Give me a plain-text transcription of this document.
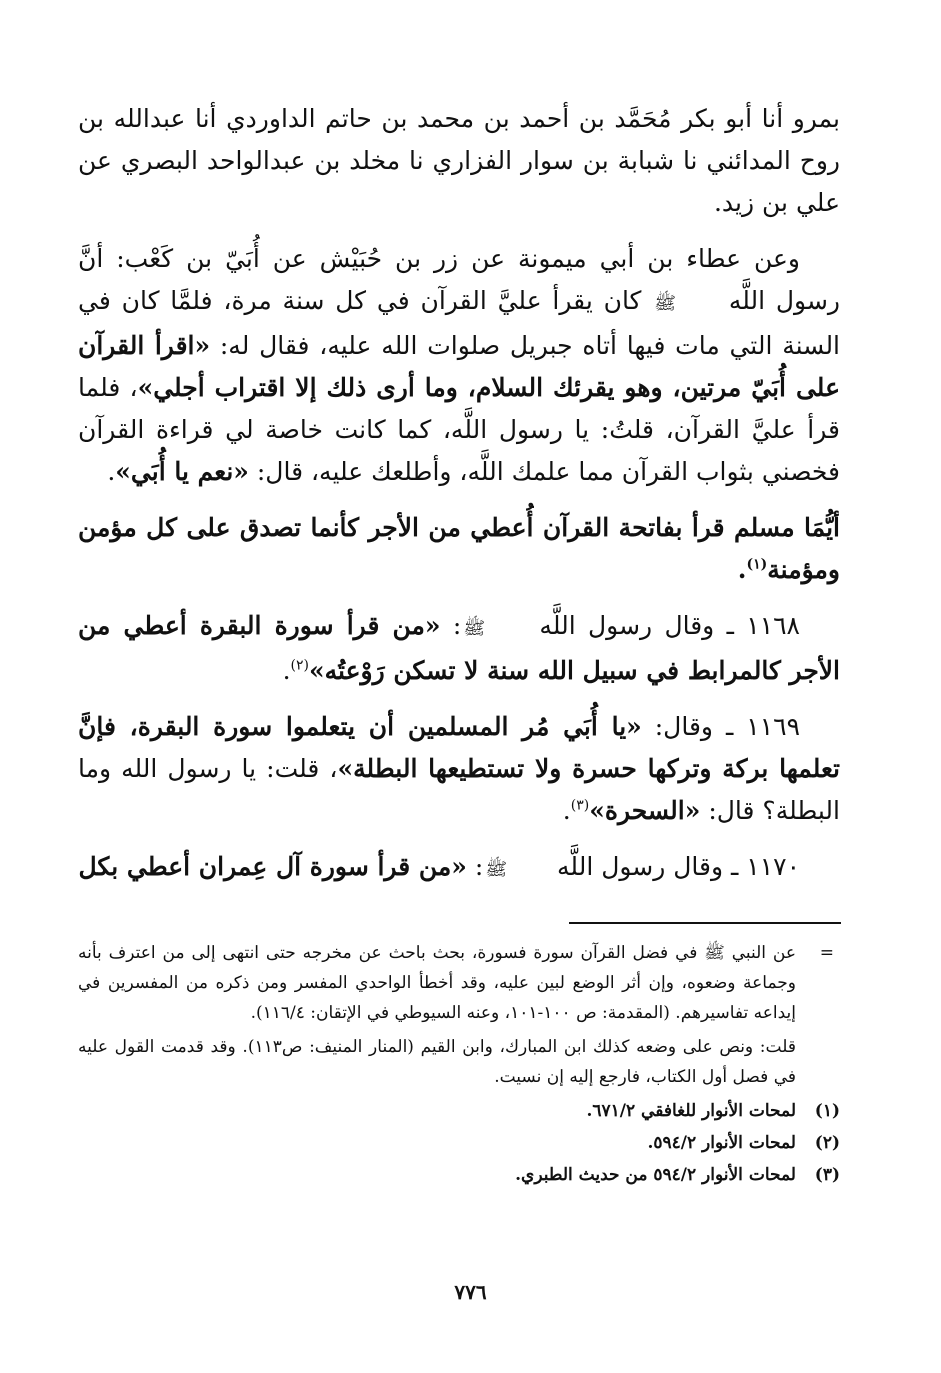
بمرو أنا أبو بكر مُحَمَّد بن أحمد بن محمد بن حاتم الداوردي أنا عبدالله بن روح المدائني نا شبابة بن سوار الفزاري نا مخلد بن عبدالواحد البصري عن علي بن زيد.

وعن عطاء بن أبي ميمونة عن زر بن حُبَيْش عن أُبَيّ بن كَعْب: أنَّ رسول اللَّه ﷺ كان يقرأ عليَّ القرآن في كل سنة مرة، فلمَّا كان في السنة التي مات فيها أتاه جبريل صلوات الله عليه، فقال له: «اقرأ القرآن على أُبَيّ مرتين، وهو يقرئك السلام، وما أرى ذلك إلا اقتراب أجلي»، فلما قرأ عليَّ القرآن، قلتُ: يا رسول اللَّه، كما كانت خاصة لي قراءة القرآن فخصني بثواب القرآن مما علمك اللَّه، وأطلعك عليه، قال: «نعم يا أُبَي».

أيُّمَا مسلم قرأ بفاتحة القرآن أُعطي من الأجر كأنما تصدق على كل مؤمن ومؤمنة$^{(١)}$.

١١٦٨ ـ وقال رسول اللَّه ﷺ: «من قرأ سورة البقرة أعطي من الأجر كالمرابط في سبيل الله سنة لا تسكن رَوْعتُه»$^{(٢)}$.

١١٦٩ ـ وقال: «يا أُبَي مُر المسلمين أن يتعلموا سورة البقرة، فإنَّ تعلمها بركة وتركها حسرة ولا تستطيعها البطلة»، قلت: يا رسول الله وما البطلة؟ قال: «السحرة»$^{(٣)}$.

١١٧٠ ـ وقال رسول اللَّه ﷺ: «من قرأ سورة آل عِمران أعطي بكل

=
عن النبي ﷺ في فضل القرآن سورة فسورة، بحث باحث عن مخرجه حتى انتهى إلى من اعترف بأنه وجماعة وضعوه، وإن أثر الوضع لبين عليه، وقد أخطأ الواحدي المفسر ومن ذكره من المفسرين في إيداعه تفاسيرهم. (المقدمة: ص ١٠٠-١٠١، وعنه السيوطي في الإتقان: ١١٦/٤).
قلت: ونص على وضعه كذلك ابن المبارك، وابن القيم (المنار المنيف: ص١١٣). وقد قدمت القول عليه في فصل أول الكتاب، فارجع إليه إن نسيت.
(١)
لمحات الأنوار للغافقي ٦٧١/٢.
(٢)
لمحات الأنوار ٥٩٤/٢.
(٣)
لمحات الأنوار ٥٩٤/٢ من حديث الطبري.
٧٧٦
